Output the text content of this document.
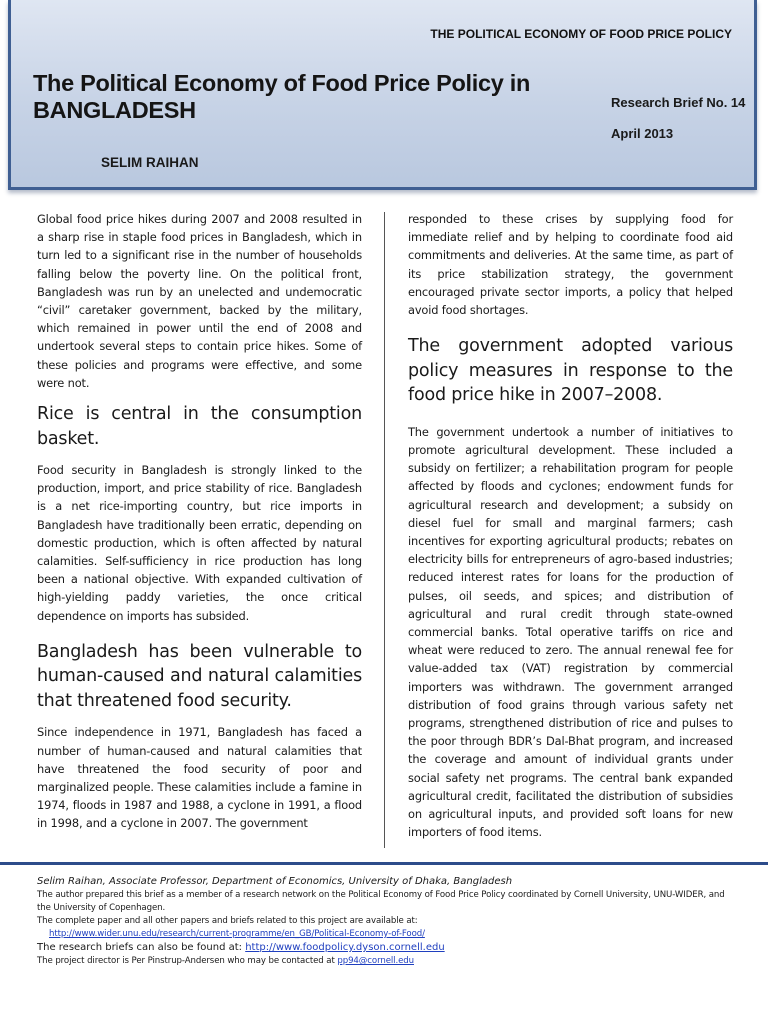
THE POLITICAL ECONOMY OF FOOD PRICE POLICY
The Political Economy of Food Price Policy in BANGLADESH	Research Brief No. 14
April 2013
SELIM RAIHAN

Global food price hikes during 2007 and 2008 resulted in a sharp rise in staple food prices in Bangladesh, which in turn led to a significant rise in the number of households falling below the poverty line. On the political front, Bangladesh was run by an unelected and undemocratic “civil” caretaker government, backed by the military, which remained in power until the end of 2008 and undertook several steps to contain price hikes. Some of these policies and programs were effective, and some were not.

Rice is central in the consumption basket.

Food security in Bangladesh is strongly linked to the production, import, and price stability of rice. Bangladesh is a net rice-importing country, but rice imports in Bangladesh have traditionally been erratic, depending on domestic production, which is often affected by natural calamities. Self-sufficiency in rice production has long been a national objective. With expanded cultivation of high-yielding paddy varieties, the once critical dependence on imports has subsided.

Bangladesh has been vulnerable to human-caused and natural calamities that threatened food security.

Since independence in 1971, Bangladesh has faced a number of human-caused and natural calamities that have threatened the food security of poor and marginalized people. These calamities include a famine in 1974, floods in 1987 and 1988, a cyclone in 1991, a flood in 1998, and a cyclone in 2007. The government

responded to these crises by supplying food for immediate relief and by helping to coordinate food aid commitments and deliveries. At the same time, as part of its price stabilization strategy, the government encouraged private sector imports, a policy that helped avoid food shortages.

The government adopted various policy measures in response to the food price hike in 2007–2008.

The government undertook a number of initiatives to promote agricultural development. These included a subsidy on fertilizer; a rehabilitation program for people affected by floods and cyclones; endowment funds for agricultural research and development; a subsidy on diesel fuel for small and marginal farmers; cash incentives for exporting agricultural products; rebates on electricity bills for entrepreneurs of agro-based industries; reduced interest rates for loans for the production of pulses, oil seeds, and spices; and distribution of agricultural and rural credit through state-owned commercial banks. Total operative tariffs on rice and wheat were reduced to zero. The annual renewal fee for value-added tax (VAT) registration by commercial importers was withdrawn. The government arranged distribution of food grains through various safety net programs, strengthened distribution of rice and pulses to the poor through BDR’s Dal-Bhat program, and increased the coverage and amount of individual grants under social safety net programs. The central bank expanded agricultural credit, facilitated the distribution of subsidies on agricultural inputs, and provided soft loans for new importers of food items.

Selim Raihan, Associate Professor, Department of Economics, University of Dhaka, Bangladesh
The author prepared this brief as a member of a research network on the Political Economy of Food Price Policy coordinated by Cornell University, UNU-WIDER, and the University of Copenhagen.
The complete paper and all other papers and briefs related to this project are available at:
http://www.wider.unu.edu/research/current-programme/en_GB/Political-Economy-of-Food/
The research briefs can also be found at: http://www.foodpolicy.dyson.cornell.edu
The project director is Per Pinstrup-Andersen who may be contacted at pp94@cornell.edu
